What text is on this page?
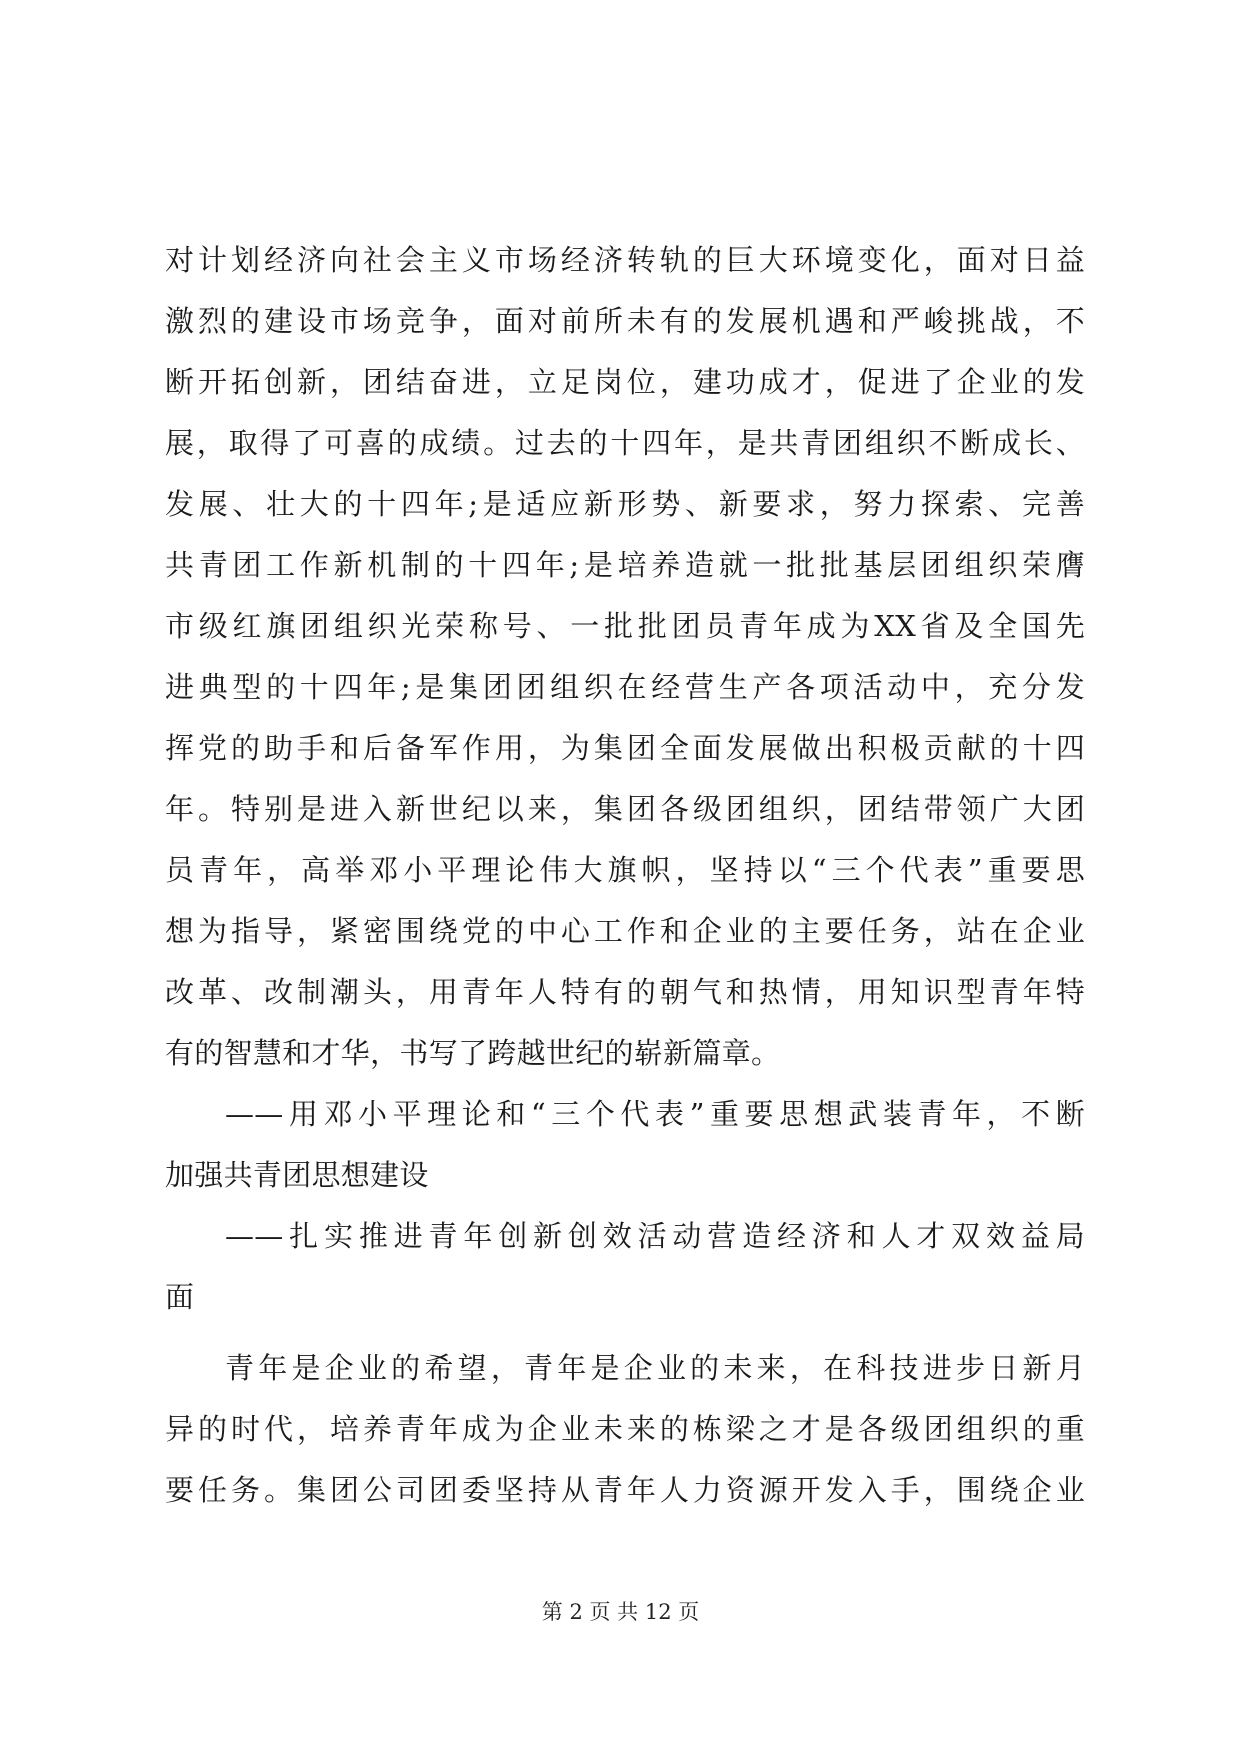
对计划经济向社会主义市场经济转轨的巨大环境变化，面对日益
激烈的建设市场竞争，面对前所未有的发展机遇和严峻挑战，不
断开拓创新，团结奋进，立足岗位，建功成才，促进了企业的发
展，取得了可喜的成绩。过去的十四年，是共青团组织不断成长、
发展、壮大的十四年;是适应新形势、新要求，努力探索、完善
共青团工作新机制的十四年;是培养造就一批批基层团组织荣膺
市级红旗团组织光荣称号、一批批团员青年成为XX省及全国先
进典型的十四年;是集团团组织在经营生产各项活动中，充分发
挥党的助手和后备军作用，为集团全面发展做出积极贡献的十四
年。特别是进入新世纪以来，集团各级团组织，团结带领广大团
员青年，高举邓小平理论伟大旗帜，坚持以“三个代表”重要思
想为指导，紧密围绕党的中心工作和企业的主要任务，站在企业
改革、改制潮头，用青年人特有的朝气和热情，用知识型青年特
有的智慧和才华，书写了跨越世纪的崭新篇章。
——用邓小平理论和“三个代表”重要思想武装青年，不断
加强共青团思想建设
——扎实推进青年创新创效活动营造经济和人才双效益局
面
青年是企业的希望，青年是企业的未来，在科技进步日新月
异的时代，培养青年成为企业未来的栋梁之才是各级团组织的重
要任务。集团公司团委坚持从青年人力资源开发入手，围绕企业
第 2 页 共 12 页
